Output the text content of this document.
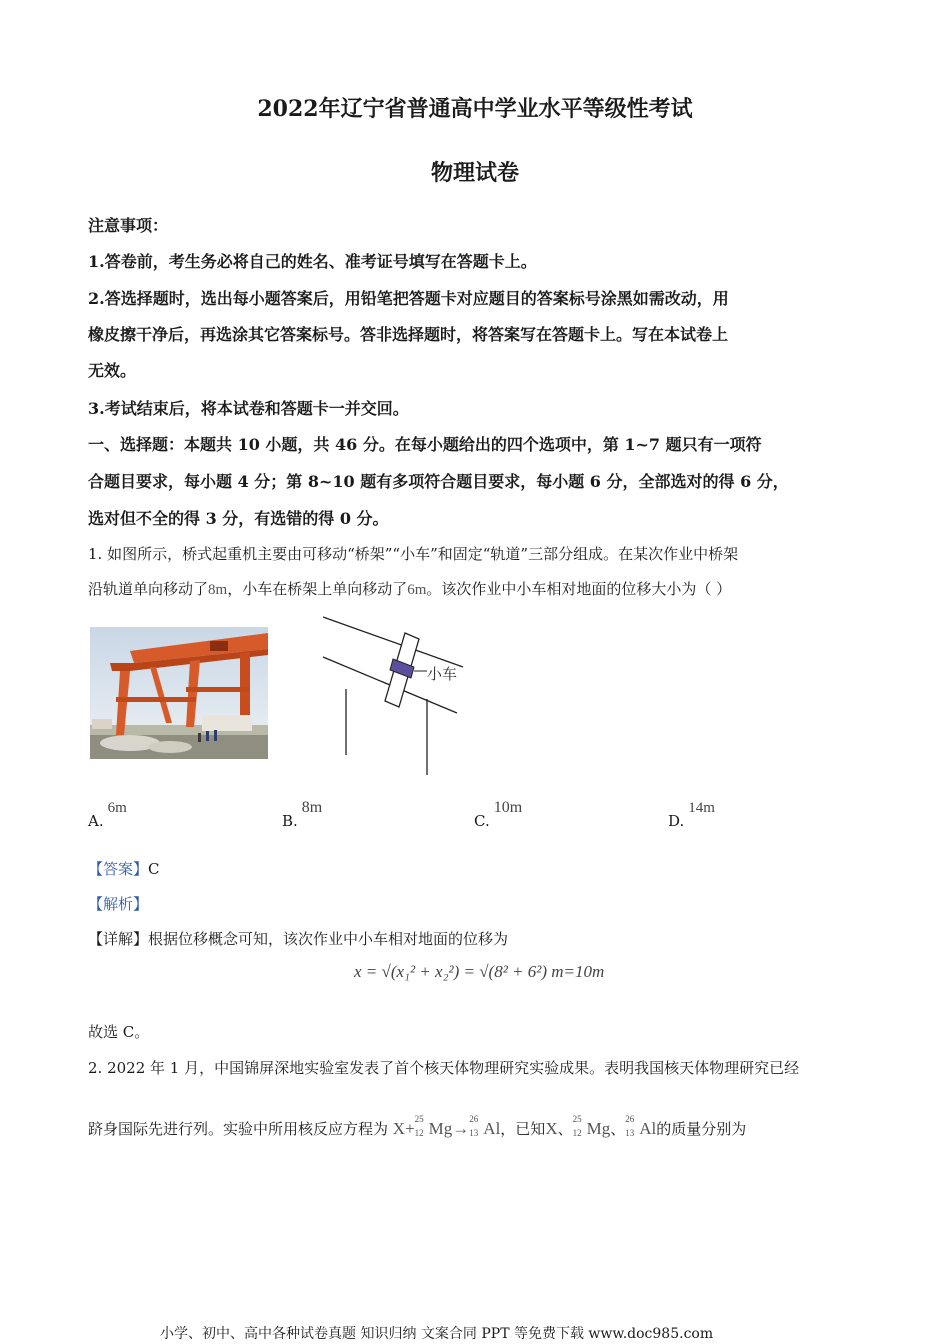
2022年辽宁省普通高中学业水平等级性考试
物理试卷
注意事项：
1.答卷前，考生务必将自己的姓名、准考证号填写在答题卡上。
2.答选择题时，选出每小题答案后，用铅笔把答题卡对应题目的答案标号涂黑如需改动，用
橡皮擦干净后，再选涂其它答案标号。答非选择题时，将答案写在答题卡上。写在本试卷上
无效。
3.考试结束后，将本试卷和答题卡一并交回。
一、选择题：本题共 10 小题，共 46 分。在每小题给出的四个选项中，第 1~7 题只有一项符
合题目要求，每小题 4 分；第 8~10 题有多项符合题目要求，每小题 6 分，全部选对的得 6 分，
选对但不全的得 3 分，有选错的得 0 分。
1. 如图所示，桥式起重机主要由可移动“桥架”“小车”和固定“轨道”三部分组成。在某次作业中桥架
沿轨道单向移动了8m，小车在桥架上单向移动了6m。该次作业中小车相对地面的位移大小为（ ）
小车
A.6m
B.8m
C.10m
D.14m
【答案】C
【解析】
【详解】根据位移概念可知，该次作业中小车相对地面的位移为
x = √(x₁² + x₂²) = √(8² + 6²) m=10m
故选 C。
2. 2022 年 1 月，中国锦屏深地实验室发表了首个核天体物理研究实验成果。表明我国核天体物理研究已经
跻身国际先进行列。实验中所用核反应方程为 X+ 25
12 Mg→ 26
13 Al，已知X、
25
12 Mg、
26
13 Al的质量分别为
小学、初中、高中各种试卷真题 知识归纳 文案合同 PPT 等免费下载 www.doc985.com
